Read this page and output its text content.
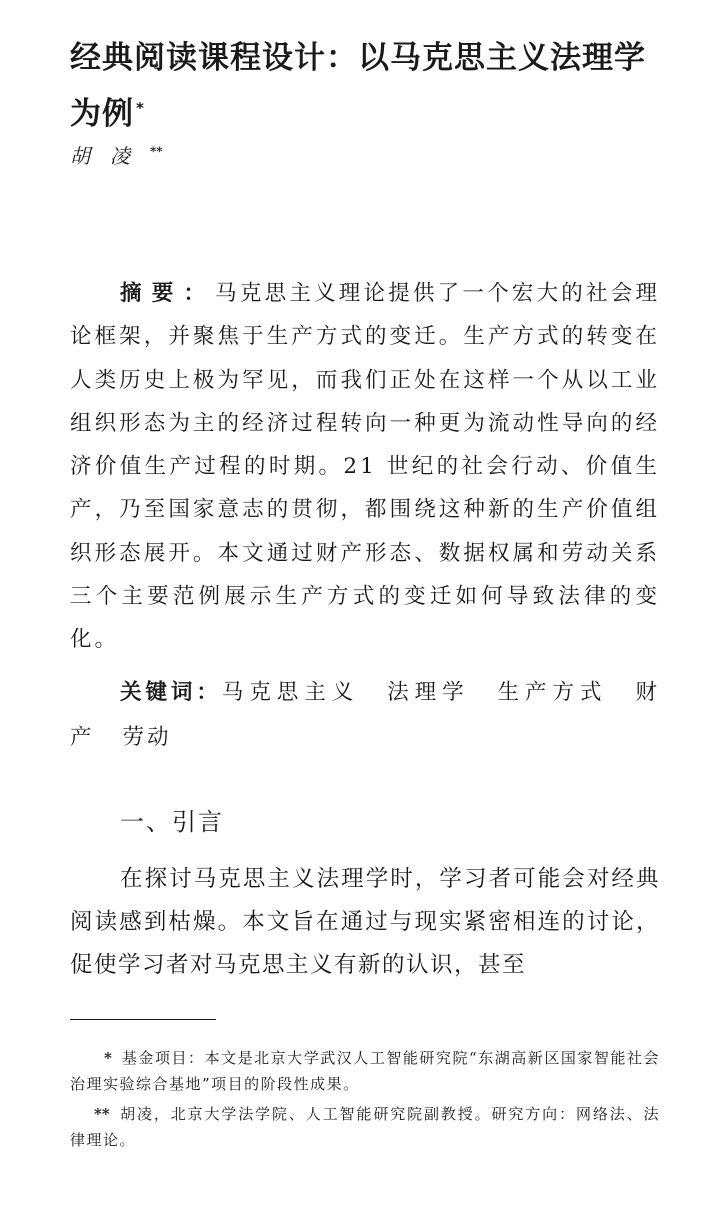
经典阅读课程设计：以马克思主义法理学为例 *
胡凌**
摘要：马克思主义理论提供了一个宏大的社会理论框架，并聚焦于生产方式的变迁。生产方式的转变在人类历史上极为罕见，而我们正处在这样一个从以工业组织形态为主的经济过程转向一种更为流动性导向的经济价值生产过程的时期。21 世纪的社会行动、价值生产，乃至国家意志的贯彻，都围绕这种新的生产价值组织形态展开。本文通过财产形态、数据权属和劳动关系三个主要范例展示生产方式的变迁如何导致法律的变化。
关键词：马克思主义 法理学 生产方式 财产 劳动
一、引言
在探讨马克思主义法理学时，学习者可能会对经典阅读感到枯燥。本文旨在通过与现实紧密相连的讨论，促使学习者对马克思主义有新的认识，甚至
* 基金项目：本文是北京大学武汉人工智能研究院“东湖高新区国家智能社会治理实验综合基地”项目的阶段性成果。
** 胡凌，北京大学法学院、人工智能研究院副教授。研究方向：网络法、法律理论。
